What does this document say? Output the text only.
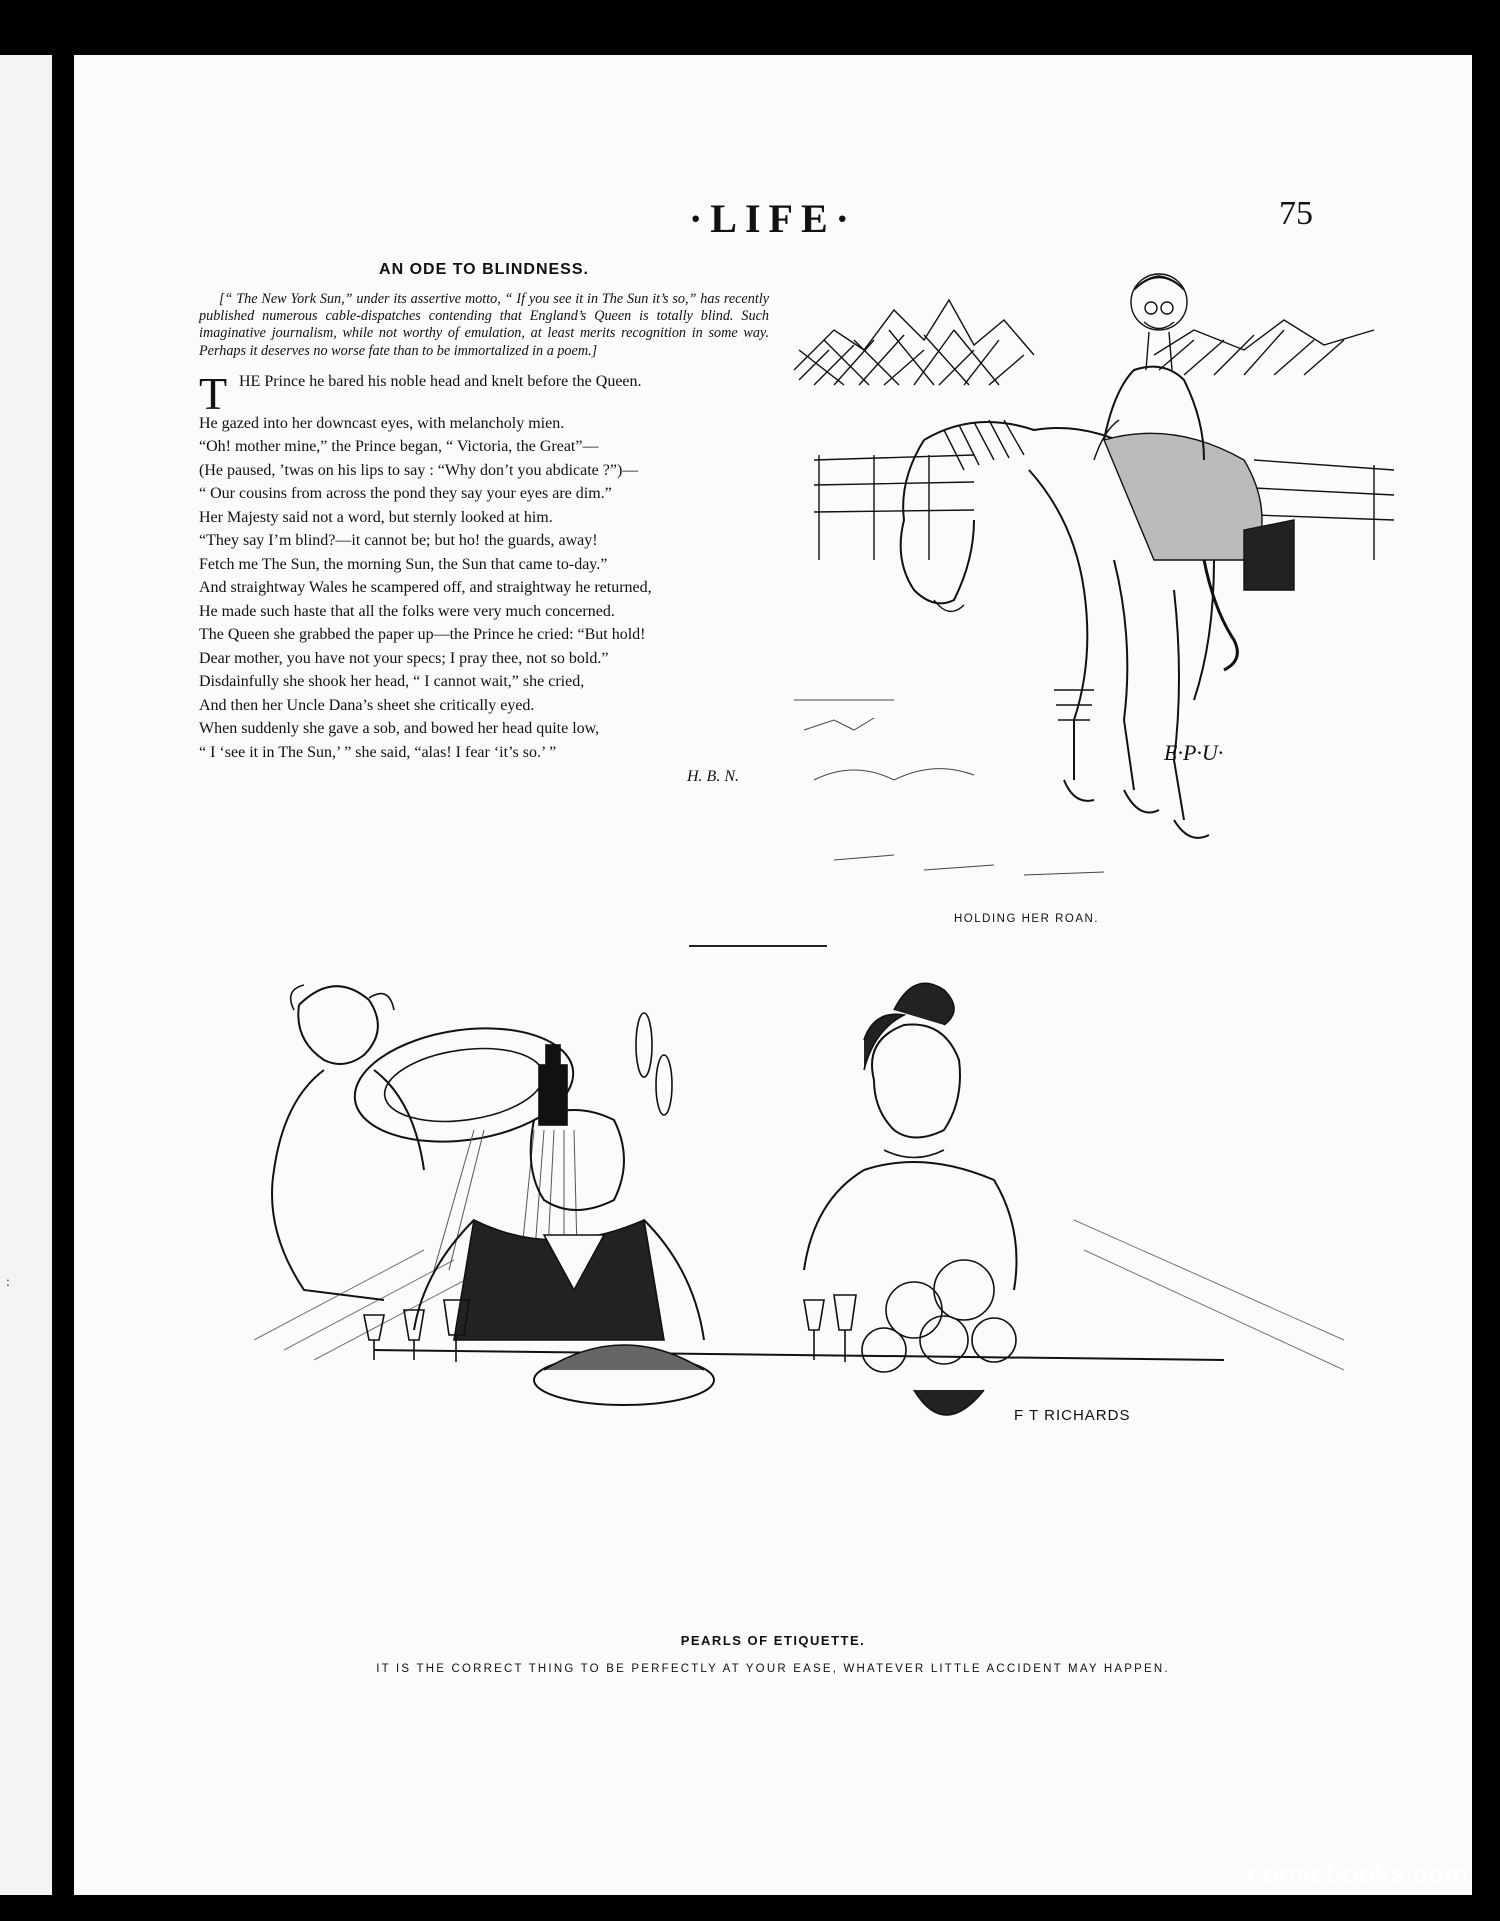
:
·LIFE·	75
AN ODE TO BLINDNESS.

[“ The New York Sun,” under its assertive motto, “ If you see it in The Sun it’s so,” has recently published numerous cable-dispatches contending that England’s Queen is totally blind. Such imaginative journalism, while not worthy of emulation, at least merits recognition in some way. Perhaps it deserves no worse fate than to be immortalized in a poem.]

THE Prince he bared his noble head and knelt before the Queen.

He gazed into her downcast eyes, with melancholy mien.

“Oh! mother mine,” the Prince began, “ Victoria, the Great”—

(He paused, ’twas on his lips to say : “Why don’t you abdicate ?”)—

“ Our cousins from across the pond they say your eyes are dim.”

Her Majesty said not a word, but sternly looked at him.

“They say I’m blind?—it cannot be; but ho! the guards, away!

Fetch me The Sun, the morning Sun, the Sun that came to-day.”

And straightway Wales he scampered off, and straightway he returned,

He made such haste that all the folks were very much concerned.

The Queen she grabbed the paper up—the Prince he cried: “But hold!

Dear mother, you have not your specs; I pray thee, not so bold.”

Disdainfully she shook her head, “ I cannot wait,” she cried,

And then her Uncle Dana’s sheet she critically eyed.

When suddenly she gave a sob, and bowed her head quite low,

“ I ‘see it in The Sun,’ ” she said, “alas! I fear ‘it’s so.’ ”

H. B. N.
E·P·U·
HOLDING HER ROAN.
F T RICHARDS
PEARLS OF ETIQUETTE.
IT IS THE CORRECT THING TO BE PERFECTLY AT YOUR EASE, WHATEVER LITTLE ACCIDENT MAY HAPPEN.
comicbooks.com
